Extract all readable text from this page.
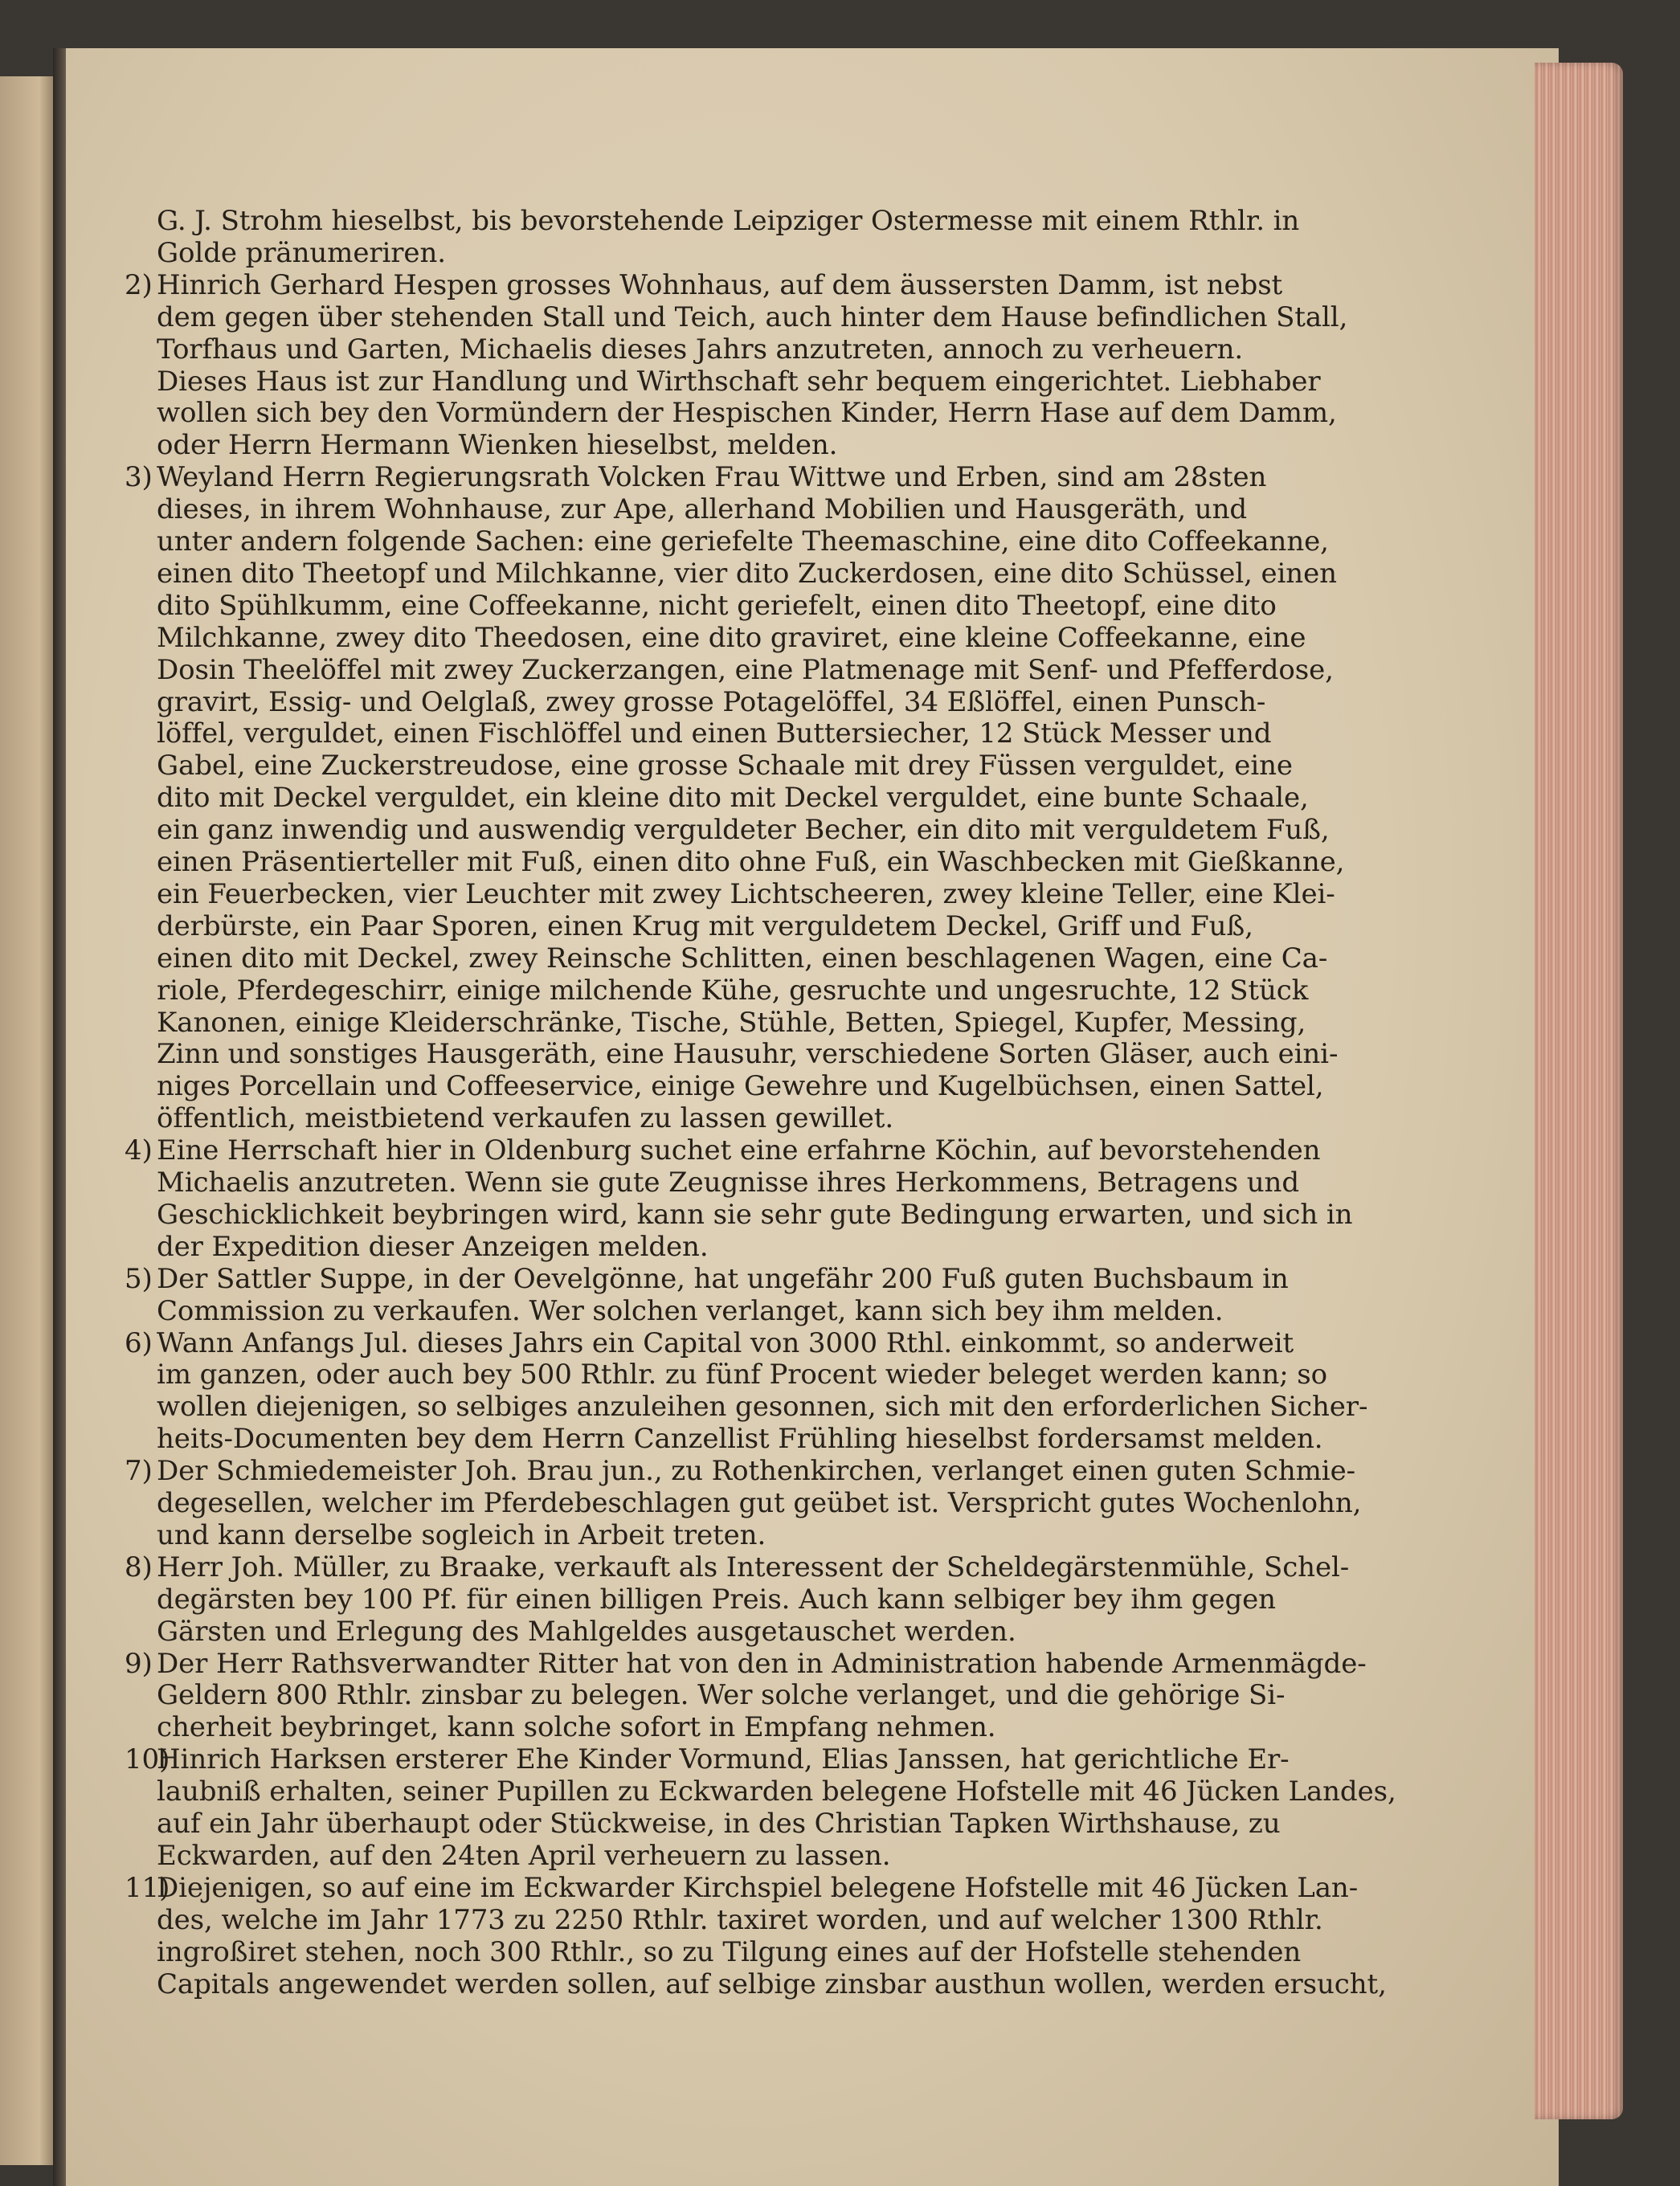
G. J. Strohm hieselbst, bis bevorstehende Leipziger Ostermesse mit einem Rthlr. in
Golde pränumeriren.
2) Hinrich Gerhard Hespen grosses Wohnhaus, auf dem äussersten Damm, ist nebst
dem gegen über stehenden Stall und Teich, auch hinter dem Hause befindlichen Stall,
Torfhaus und Garten, Michaelis dieses Jahrs anzutreten, annoch zu verheuern.
Dieses Haus ist zur Handlung und Wirthschaft sehr bequem eingerichtet. Liebhaber
wollen sich bey den Vormündern der Hespischen Kinder, Herrn Hase auf dem Damm,
oder Herrn Hermann Wienken hieselbst, melden.
3) Weyland Herrn Regierungsrath Volcken Frau Wittwe und Erben, sind am 28sten
dieses, in ihrem Wohnhause, zur Ape, allerhand Mobilien und Hausgeräth, und
unter andern folgende Sachen: eine geriefelte Theemaschine, eine dito Coffeekanne,
einen dito Theetopf und Milchkanne, vier dito Zuckerdosen, eine dito Schüssel, einen
dito Spühlkumm, eine Coffeekanne, nicht geriefelt, einen dito Theetopf, eine dito
Milchkanne, zwey dito Theedosen, eine dito graviret, eine kleine Coffeekanne, eine
Dosin Theelöffel mit zwey Zuckerzangen, eine Platmenage mit Senf- und Pfefferdose,
gravirt, Essig- und Oelglaß, zwey grosse Potagelöffel, 34 Eßlöffel, einen Punsch-
löffel, verguldet, einen Fischlöffel und einen Buttersiecher, 12 Stück Messer und
Gabel, eine Zuckerstreudose, eine grosse Schaale mit drey Füssen verguldet, eine
dito mit Deckel verguldet, ein kleine dito mit Deckel verguldet, eine bunte Schaale,
ein ganz inwendig und auswendig verguldeter Becher, ein dito mit verguldetem Fuß,
einen Präsentierteller mit Fuß, einen dito ohne Fuß, ein Waschbecken mit Gießkanne,
ein Feuerbecken, vier Leuchter mit zwey Lichtscheeren, zwey kleine Teller, eine Klei-
derbürste, ein Paar Sporen, einen Krug mit verguldetem Deckel, Griff und Fuß,
einen dito mit Deckel, zwey Reinsche Schlitten, einen beschlagenen Wagen, eine Ca-
riole, Pferdegeschirr, einige milchende Kühe, gesruchte und ungesruchte, 12 Stück
Kanonen, einige Kleiderschränke, Tische, Stühle, Betten, Spiegel, Kupfer, Messing,
Zinn und sonstiges Hausgeräth, eine Hausuhr, verschiedene Sorten Gläser, auch eini-
niges Porcellain und Coffeeservice, einige Gewehre und Kugelbüchsen, einen Sattel,
öffentlich, meistbietend verkaufen zu lassen gewillet.
4) Eine Herrschaft hier in Oldenburg suchet eine erfahrne Köchin, auf bevorstehenden
Michaelis anzutreten. Wenn sie gute Zeugnisse ihres Herkommens, Betragens und
Geschicklichkeit beybringen wird, kann sie sehr gute Bedingung erwarten, und sich in
der Expedition dieser Anzeigen melden.
5) Der Sattler Suppe, in der Oevelgönne, hat ungefähr 200 Fuß guten Buchsbaum in
Commission zu verkaufen. Wer solchen verlanget, kann sich bey ihm melden.
6) Wann Anfangs Jul. dieses Jahrs ein Capital von 3000 Rthl. einkommt, so anderweit
im ganzen, oder auch bey 500 Rthlr. zu fünf Procent wieder beleget werden kann; so
wollen diejenigen, so selbiges anzuleihen gesonnen, sich mit den erforderlichen Sicher-
heits-Documenten bey dem Herrn Canzellist Frühling hieselbst fordersamst melden.
7) Der Schmiedemeister Joh. Brau jun., zu Rothenkirchen, verlanget einen guten Schmie-
degesellen, welcher im Pferdebeschlagen gut geübet ist. Verspricht gutes Wochenlohn,
und kann derselbe sogleich in Arbeit treten.
8) Herr Joh. Müller, zu Braake, verkauft als Interessent der Scheldegärstenmühle, Schel-
degärsten bey 100 Pf. für einen billigen Preis. Auch kann selbiger bey ihm gegen
Gärsten und Erlegung des Mahlgeldes ausgetauschet werden.
9) Der Herr Rathsverwandter Ritter hat von den in Administration habende Armenmägde-
Geldern 800 Rthlr. zinsbar zu belegen. Wer solche verlanget, und die gehörige Si-
cherheit beybringet, kann solche sofort in Empfang nehmen.
10)
Hinrich Harksen ersterer Ehe Kinder Vormund, Elias Janssen, hat gerichtliche Er-
laubniß erhalten, seiner Pupillen zu Eckwarden belegene Hofstelle mit 46 Jücken Landes,
auf ein Jahr überhaupt oder Stückweise, in des Christian Tapken Wirthshause, zu
Eckwarden, auf den 24ten April verheuern zu lassen.
11)
Diejenigen, so auf eine im Eckwarder Kirchspiel belegene Hofstelle mit 46 Jücken Lan-
des, welche im Jahr 1773 zu 2250 Rthlr. taxiret worden, und auf welcher 1300 Rthlr.
ingroßiret stehen, noch 300 Rthlr., so zu Tilgung eines auf der Hofstelle stehenden
Capitals angewendet werden sollen, auf selbige zinsbar austhun wollen, werden ersucht,
